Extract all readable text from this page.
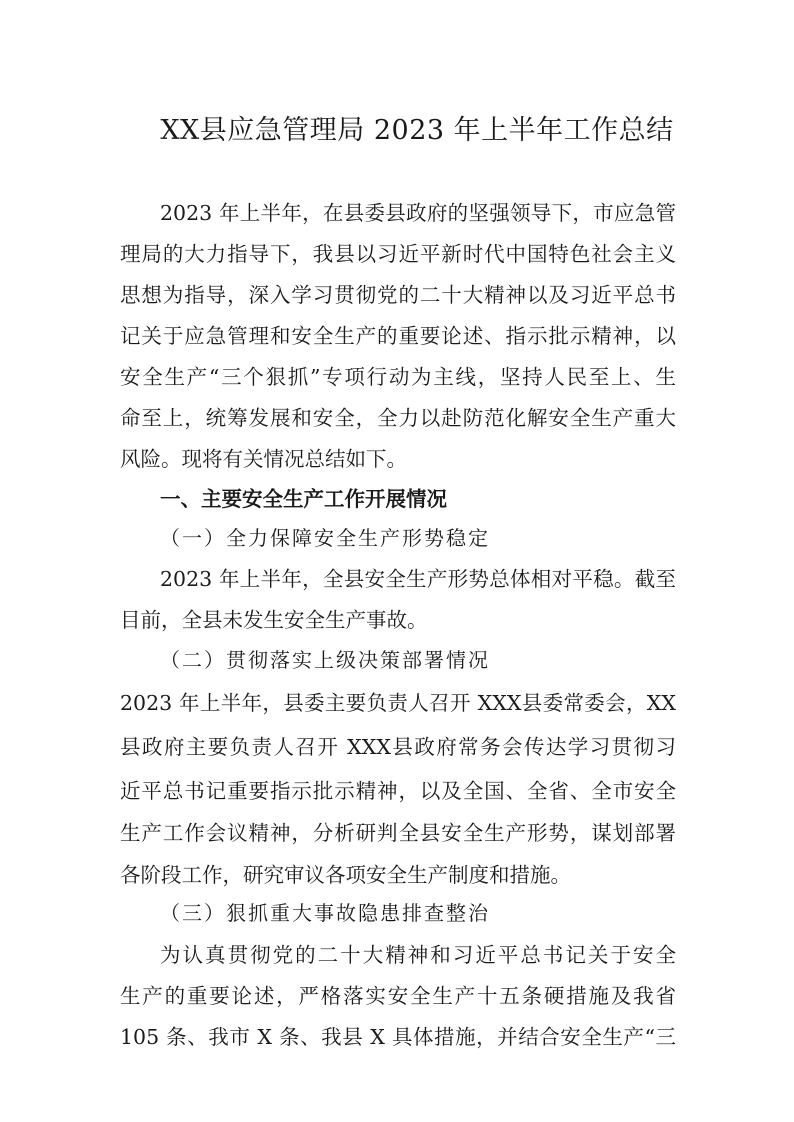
XX县应急管理局 2023 年上半年工作总结
2023 年上半年，在县委县政府的坚强领导下，市应急管
理局的大力指导下，我县以习近平新时代中国特色社会主义
思想为指导，深入学习贯彻党的二十大精神以及习近平总书
记关于应急管理和安全生产的重要论述、指示批示精神，以
安全生产“三个狠抓”专项行动为主线，坚持人民至上、生
命至上，统筹发展和安全，全力以赴防范化解安全生产重大
风险。现将有关情况总结如下。
一、主要安全生产工作开展情况
（一）全力保障安全生产形势稳定
2023 年上半年，全县安全生产形势总体相对平稳。截至
目前，全县未发生安全生产事故。
（二）贯彻落实上级决策部署情况
2023 年上半年，县委主要负责人召开 XXX县委常委会，XX
县政府主要负责人召开 XXX县政府常务会传达学习贯彻习
近平总书记重要指示批示精神，以及全国、全省、全市安全
生产工作会议精神，分析研判全县安全生产形势，谋划部署
各阶段工作，研究审议各项安全生产制度和措施。
（三）狠抓重大事故隐患排查整治
为认真贯彻党的二十大精神和习近平总书记关于安全
生产的重要论述，严格落实安全生产十五条硬措施及我省
105 条、我市 X 条、我县 X 具体措施，并结合安全生产“三
